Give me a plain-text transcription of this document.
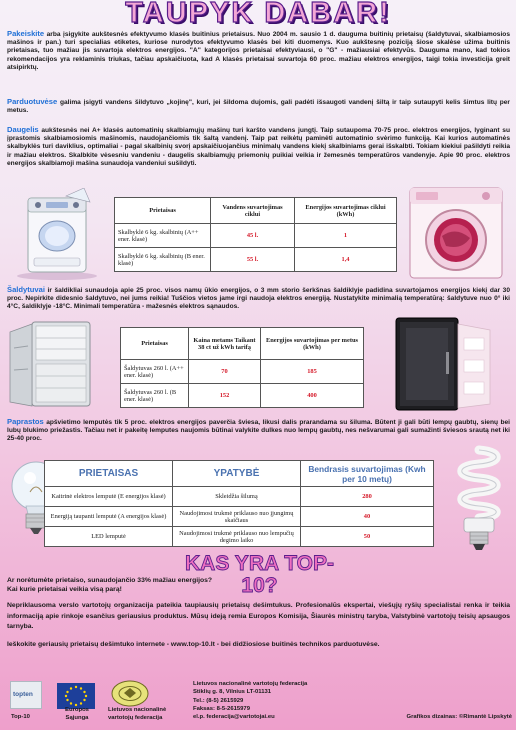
TAUPYK DABAR!
Pakeiskite arba įsigykite aukštesnės efektyvumo klasės buitinius prietaisus. Nuo 2004 m. sausio 1 d. dauguma buitinių prietaisų (šaldytuvai, skalbiamosios mašinos ir pan.) turi specialias etiketes, kuriose nurodytos efektyvumo klasės bei kiti duomenys. Kuo aukštesnę poziciją šiose skalėse užima buitinis prietaisas, tuo mažiau jis suvartoja elektros energijos. "A" kategorijos prietaisai efektyviausi, o "G" - mažiausiai efektyvūs. Dauguma mano, kad tokios rekomendacijos yra reklaminis triukas, tačiau apskaičiuota, kad A klasės prietaisai suvartoja 60 proc. mažiau elektros energijos, taigi tokia investicija greit atsipirktų.
Parduotuvėse galima įsigyti vandens šildytuvo „kojinę", kuri, jei šildoma dujomis, gali padėti išsaugoti vandenį šiltą ir taip sutaupyti kelis šimtus litų per metus.
Daugelis aukštesnės nei A+ klasės automatinių skalbiamųjų mašinų turi karšto vandens jungtį. Taip sutaupoma 70-75 proc. elektros energijos, lyginant su įprastomis skalbiamosiomis mašinomis, naudojančiomis tik šaltą vandenį. Taip pat reikėtų paminėti automatinio svėrimo funkciją. Kai kurios automatinės skalbyklės turi daviklius, optimaliai - pagal skalbinių svorį apskaičiuojančius minimalų vandens kiekį skalbiniams gerai išskalbti. Tokiam kiekiui pašildyti reikia ir mažiau elektros. Skalbkite vėsesniu vandeniu - daugelis skalbiamųjų priemonių puikiai veikia ir žemesnės temperatūros vandenyje. Apie 90 proc. elektros energijos skalbiamoji mašina sunaudoja vandeniui sušildyti.
Prietaisas	Vandens suvartojimas ciklui	Energijos suvartojimas ciklui (kWh)
Skalbyklė 6 kg. skalbinių (A++ ener. klasė)	45 l.	1
Skalbyklė 6 kg. skalbinių (B ener. klasė)	55 l.	1,4
Šaldytuvai ir šaldikliai sunaudoja apie 25 proc. visos namų ūkio energijos, o 3 mm storio šerkšnas šaldiklyje padidina suvartojamos energijos kiekį dar 30 proc. Nepirkite didesnio šaldytuvo, nei jums reikia! Tuščios vietos jame irgi naudoja elektros energiją. Nustatykite minimalią temperatūrą: šaldytuve nuo 0° iki 4°C, šaldiklyje -18°C. Minimali temperatūra - mažesnės elektros sąnaudos.
Prietaisas	Kaina metams Taikant 38 ct už kWh tarifą	Energijos suvartojimas per metus (kWh)
Šaldytuvas 260 l. (A++ ener. klasė)	70	185
Šaldytuvas 260 l. (B ener. klasė)	152	400
Paprastos apšvietimo lemputės tik 5 proc. elektros energijos paverčia šviesa, likusi dalis prarandama su šiluma. Būtent ji gali būti lempų gaubtų, sienų bei lubų blukimo priežastis. Tačiau net ir pakeitę lemputes naujomis būtinai valykite dulkes nuo lempų gaubtų, nes nešvarumai gali sumažinti šviesos srautą net iki 25-40 proc.
PRIETAISAS	YPATYBĖ	Bendrasis suvartojimas (Kwh per 10 metų)
Kaitrinė elektros lemputė (E energijos klasė)	Skleidžia šilumą	280
Energiją taupanti lemputė (A energijos klasė)	Naudojimosi trukmė priklauso nuo įjungimų skaičiaus	40
LED lemputė	Naudojimosi trukmė priklauso nuo lempučių degimo laiko	50
KAS YRA TOP-10?
Ar norėtumėte prietaiso, sunaudojančio 33% mažiau energijos?
Kai kurie prietaisai veikia visą parą!
Nepriklausoma verslo vartotojų organizacija pateikia taupiausių prietaisų dešimtukus. Profesionalūs ekspertai, viešųjų ryšių specialistai renka ir teikia informaciją apie rinkoje esančius geriausius produktus. Mūsų ideją remia Europos Komisija, Šiaurės ministrų taryba, Valstybinė vartotojų teisių apsaugos tarnyba.
Ieškokite geriausių prietaisų dešimtuko internete - www.top-10.lt - bei didžiosiose buitinės technikos parduotuvėse.
topten
Top-10
Europos Sąjunga
Lietuvos nacionalinė vartotojų federacija
Lietuvos nacionalinė vartotojų federacija
Stiklių g. 8, Vilnius LT-01131
Tel.: (8-5) 2615929
Faksas: 8-5-2615979
el.p. federacija@vartotojai.eu	Grafikos dizainas: ©Rimantė Lipskytė
